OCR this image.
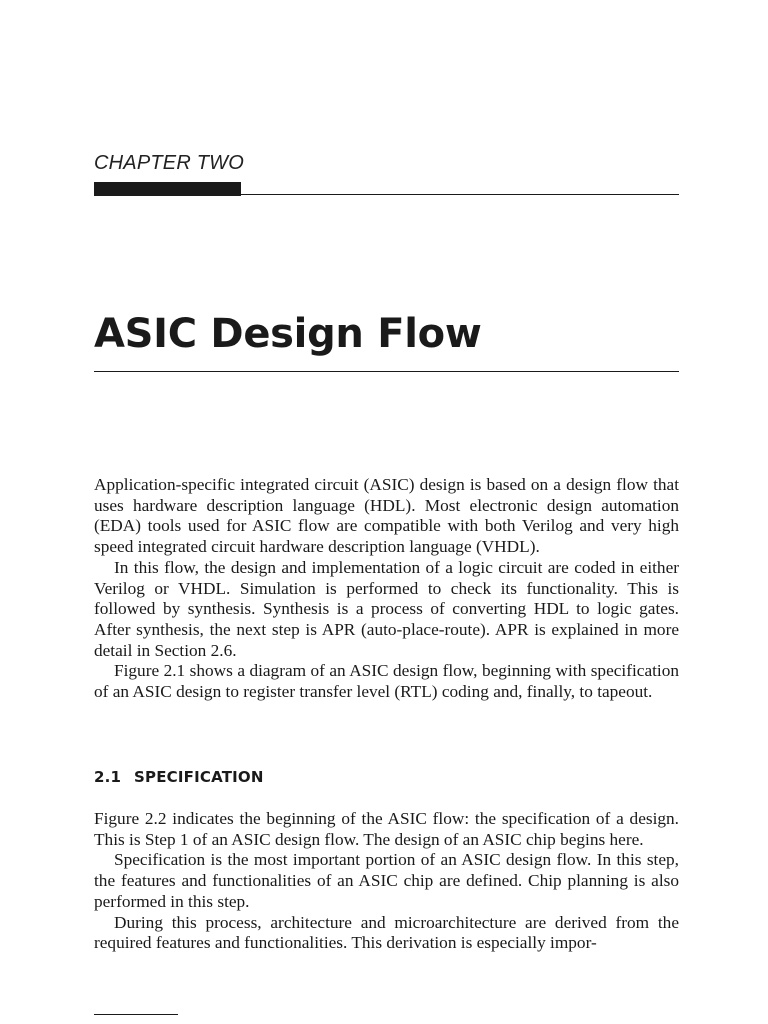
CHAPTER TWO
ASIC Design Flow

Application-specific integrated circuit (ASIC) design is based on a design flow that uses hardware description language (HDL). Most electronic design automation (EDA) tools used for ASIC flow are compatible with both Verilog and very high speed integrated circuit hardware description language (VHDL).

In this flow, the design and implementation of a logic circuit are coded in either Verilog or VHDL. Simulation is performed to check its functionality. This is followed by synthesis. Synthesis is a process of converting HDL to logic gates. After synthesis, the next step is APR (auto-place-route). APR is explained in more detail in Section 2.6.

Figure 2.1 shows a diagram of an ASIC design flow, beginning with specification of an ASIC design to register transfer level (RTL) coding and, finally, to tapeout.

2.1 SPECIFICATION

Figure 2.2 indicates the beginning of the ASIC flow: the specification of a design. This is Step 1 of an ASIC design flow. The design of an ASIC chip begins here.

Specification is the most important portion of an ASIC design flow. In this step, the features and functionalities of an ASIC chip are defined. Chip planning is also performed in this step.

During this process, architecture and microarchitecture are derived from the required features and functionalities. This derivation is especially impor-
